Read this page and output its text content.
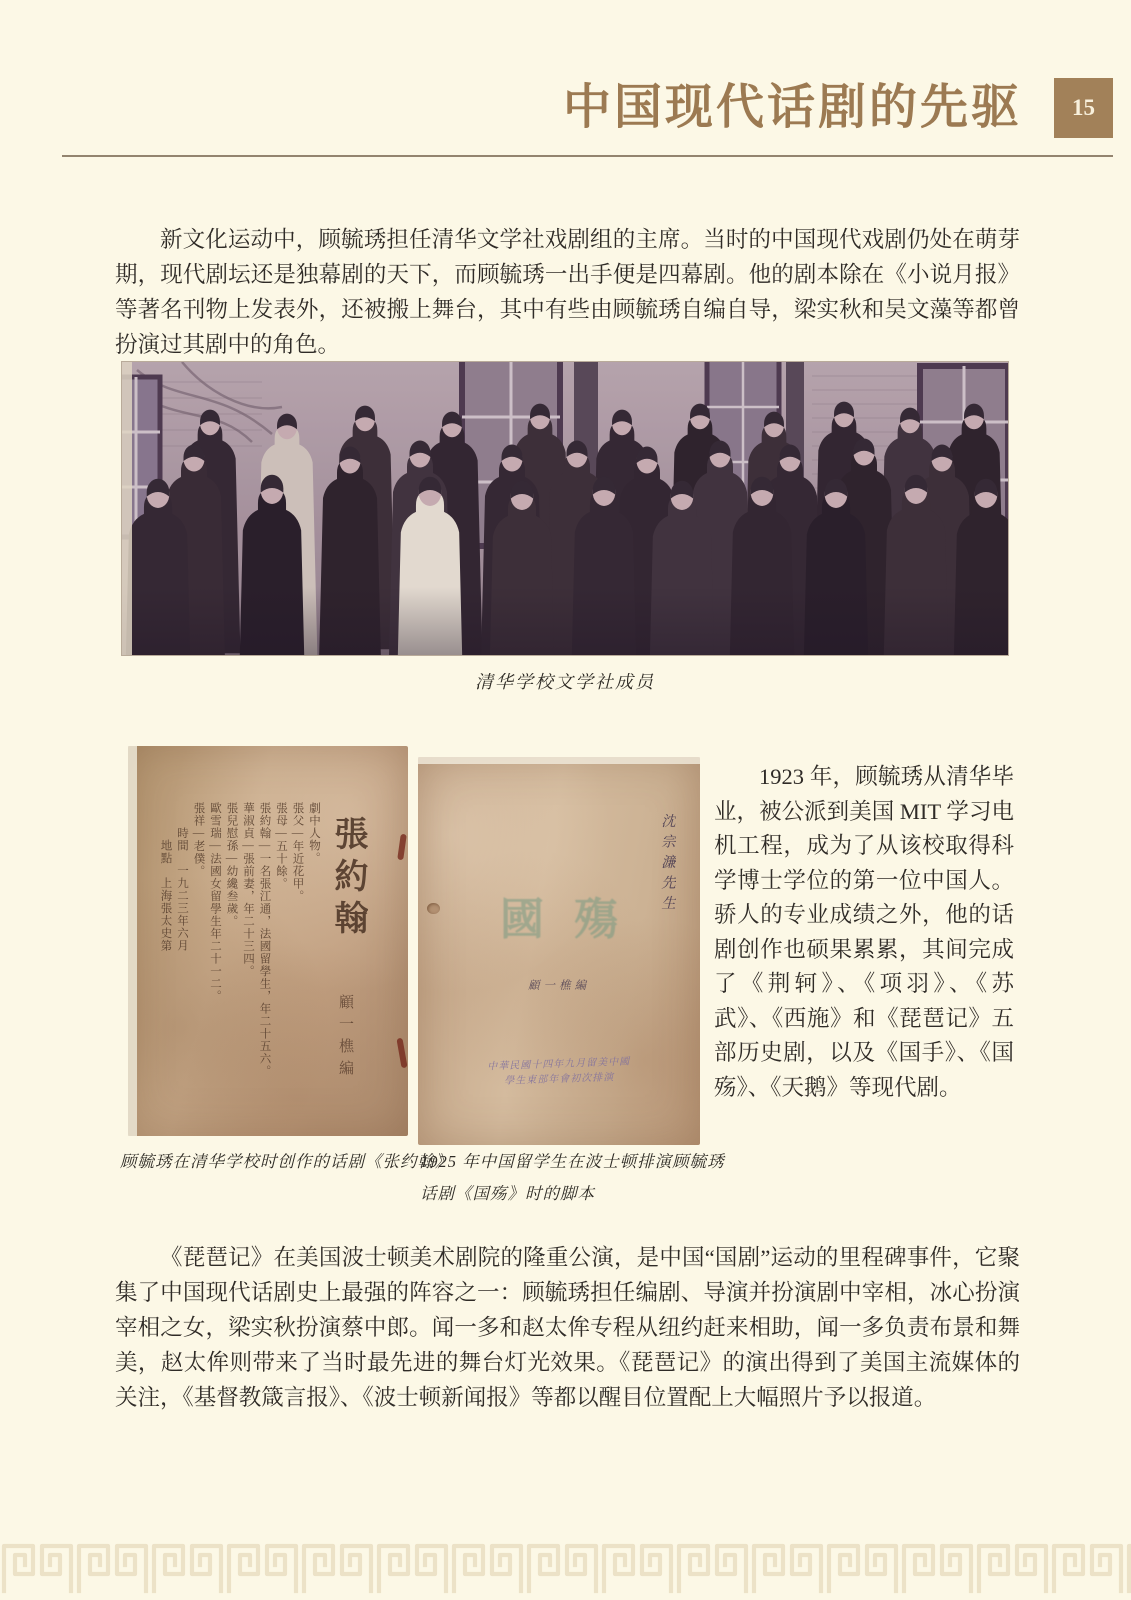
中国现代话剧的先驱 15

新文化运动中，顾毓琇担任清华文学社戏剧组的主席。当时的中国现代戏剧仍处在萌芽期，现代剧坛还是独幕剧的天下，而顾毓琇一出手便是四幕剧。他的剧本除在《小说月报》等著名刊物上发表外，还被搬上舞台，其中有些由顾毓琇自编自导，梁实秋和吴文藻等都曾扮演过其剧中的角色。

清华学校文学社成员
張約翰
劇中人物。
張父—年近花甲。
張母—五十餘。
張約翰—一名張江通，法國留學生，年二十五六。
華淑貞—張前妻，年二十三四。
張兒慰孫—幼纔叁歲。
歐雪瑞—法國女留學生年二十一二。
張祥—老僕。
　　時間　一九二三年六月
　　　地點　上海張太史第
顧一樵編
沈宗濂先生
國殤
顧一樵編
中華民國十四年九月留美中國
學生東部年會初次排演
顾毓琇在清华学校时创作的话剧《张约翰》
1925 年中国留学生在波士顿排演顾毓琇
话剧《国殇》时的脚本

1923 年，顾毓琇从清华毕业，被公派到美国 MIT 学习电机工程，成为了从该校取得科学博士学位的第一位中国人。骄人的专业成绩之外，他的话剧创作也硕果累累，其间完成了《荆轲》、《项羽》、《苏武》、《西施》和《琵琶记》五部历史剧，以及《国手》、《国殇》、《天鹅》等现代剧。

《琵琶记》在美国波士顿美术剧院的隆重公演，是中国“国剧”运动的里程碑事件，它聚集了中国现代话剧史上最强的阵容之一：顾毓琇担任编剧、导演并扮演剧中宰相，冰心扮演宰相之女，梁实秋扮演蔡中郎。闻一多和赵太侔专程从纽约赶来相助，闻一多负责布景和舞美，赵太侔则带来了当时最先进的舞台灯光效果。《琵琶记》的演出得到了美国主流媒体的关注，《基督教箴言报》、《波士顿新闻报》等都以醒目位置配上大幅照片予以报道。
